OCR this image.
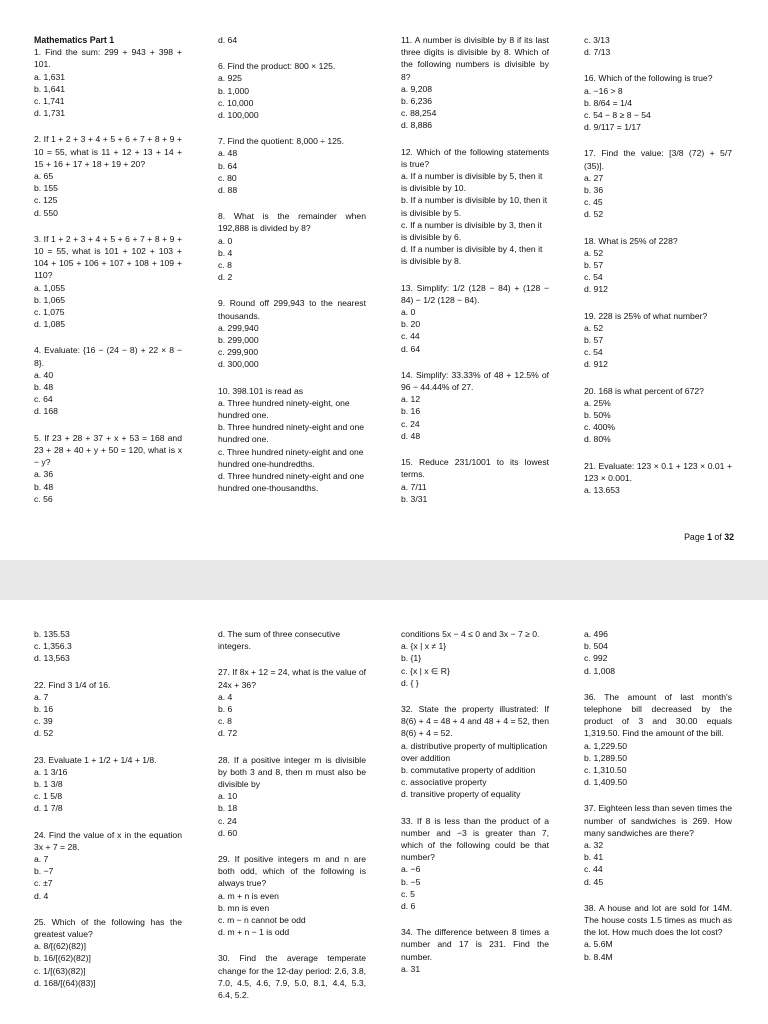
Mathematics Part 1
1. Find the sum: 299 + 943 + 398 + 101.
a. 1,631
b. 1,641
c. 1,741
d. 1,731
2. If 1 + 2 + 3 + 4 + 5 + 6 + 7 + 8 + 9 + 10 = 55, what is 11 + 12 + 13 + 14 + 15 + 16 + 17 + 18 + 19 + 20?
a. 65
b. 155
c. 125
d. 550
3. If 1 + 2 + 3 + 4 + 5 + 6 + 7 + 8 + 9 + 10 = 55, what is 101 + 102 + 103 + 104 + 105 + 106 + 107 + 108 + 109 + 110?
a. 1,055
b. 1,065
c. 1,075
d. 1,085
4. Evaluate: {16 − (24 − 8) + 22 × 8 − 8}.
a. 40
b. 48
c. 64
d. 168
5. If 23 + 28 + 37 + x + 53 = 168 and 23 + 28 + 40 + y + 50 = 120, what is x − y?
a. 36
b. 48
c. 56
d. 64
6. Find the product: 800 × 125.
a. 925
b. 1,000
c. 10,000
d. 100,000
7. Find the quotient: 8,000 ÷ 125.
a. 48
b. 64
c. 80
d. 88
8. What is the remainder when 192,888 is divided by 8?
a. 0
b. 4
c. 8
d. 2
9. Round off 299,943 to the nearest thousands.
a. 299,940
b. 299,000
c. 299,900
d. 300,000
10. 398.101 is read as
a. Three hundred ninety-eight, one hundred one.
b. Three hundred ninety-eight and one hundred one.
c. Three hundred ninety-eight and one hundred one-hundredths.
d. Three hundred ninety-eight and one hundred one-thousandths.
11. A number is divisible by 8 if its last three digits is divisible by 8. Which of the following numbers is divisible by 8?
a. 9,208
b. 6,236
c. 88,254
d. 8,886
12. Which of the following statements is true?
a. If a number is divisible by 5, then it is divisible by 10.
b. If a number is divisible by 10, then it is divisible by 5.
c. If a number is divisible by 3, then it is divisible by 6.
d. If a number is divisible by 4, then it is divisible by 8.
13. Simplify: 1/2 (128 − 84) + (128 − 84) − 1/2 (128 − 84).
a. 0
b. 20
c. 44
d. 64
14. Simplify: 33.33% of 48 + 12.5% of 96 − 44.44% of 27.
a. 12
b. 16
c. 24
d. 48
15. Reduce 231/1001 to its lowest terms.
a. 7/11
b. 3/31
c. 3/13
d. 7/13
16. Which of the following is true?
a. −16 > 8
b. 8/64 = 1/4
c. 54 − 8 ≥ 8 − 54
d. 9/117 = 1/17
17. Find the value: [3/8 (72) + 5/7 (35)].
a. 27
b. 36
c. 45
d. 52
18. What is 25% of 228?
a. 52
b. 57
c. 54
d. 912
19. 228 is 25% of what number?
a. 52
b. 57
c. 54
d. 912
20. 168 is what percent of 672?
a. 25%
b. 50%
c. 400%
d. 80%
21. Evaluate: 123 × 0.1 + 123 × 0.01 + 123 × 0.001.
a. 13.653
Page 1 of 32
b. 135.53
c. 1,356.3
d. 13,563
22. Find 3 1/4 of 16.
a. 7
b. 16
c. 39
d. 52
23. Evaluate 1 + 1/2 + 1/4 + 1/8.
a. 1 3/16
b. 1 3/8
c. 1 5/8
d. 1 7/8
24. Find the value of x in the equation 3x + 7 = 28.
a. 7
b. −7
c. ±7
d. 4
25. Which of the following has the greatest value?
a. 8/[(62)(82)]
b. 16/[(62)(82)]
c. 1/[(63)(82)]
d. 168/[(64)(83)]
d. The sum of three consecutive integers.
27. If 8x + 12 = 24, what is the value of 24x + 36?
a. 4
b. 6
c. 8
d. 72
28. If a positive integer m is divisible by both 3 and 8, then m must also be divisible by
a. 10
b. 18
c. 24
d. 60
29. If positive integers m and n are both odd, which of the following is always true?
a. m + n is even
b. mn is even
c. m − n cannot be odd
d. m + n − 1 is odd
30. Find the average temperate change for the 12-day period: 2.6, 3.8, 7.0, 4.5, 4.6, 7.9, 5.0, 8.1, 4.4, 5.3, 6.4, 5.2.
conditions 5x − 4 ≤ 0 and 3x − 7 ≥ 0.
a. {x | x ≠ 1}
b. {1}
c. {x | x ∈ R}
d. { }
32. State the property illustrated: If 8(6) + 4 = 48 + 4 and 48 + 4 = 52, then 8(6) + 4 = 52.
a. distributive property of multiplication over addition
b. commutative property of addition
c. associative property
d. transitive property of equality
33. If 8 is less than the product of a number and −3 is greater than 7, which of the following could be that number?
a. −6
b. −5
c. 5
d. 6
34. The difference between 8 times a number and 17 is 231. Find the number.
a. 31
a. 496
b. 504
c. 992
d. 1,008
36. The amount of last month's telephone bill decreased by the product of 3 and 30.00 equals 1,319.50. Find the amount of the bill.
a. 1,229.50
b. 1,289.50
c. 1,310.50
d. 1,409.50
37. Eighteen less than seven times the number of sandwiches is 269. How many sandwiches are there?
a. 32
b. 41
c. 44
d. 45
38. A house and lot are sold for 14M. The house costs 1.5 times as much as the lot. How much does the lot cost?
a. 5.6M
b. 8.4M
